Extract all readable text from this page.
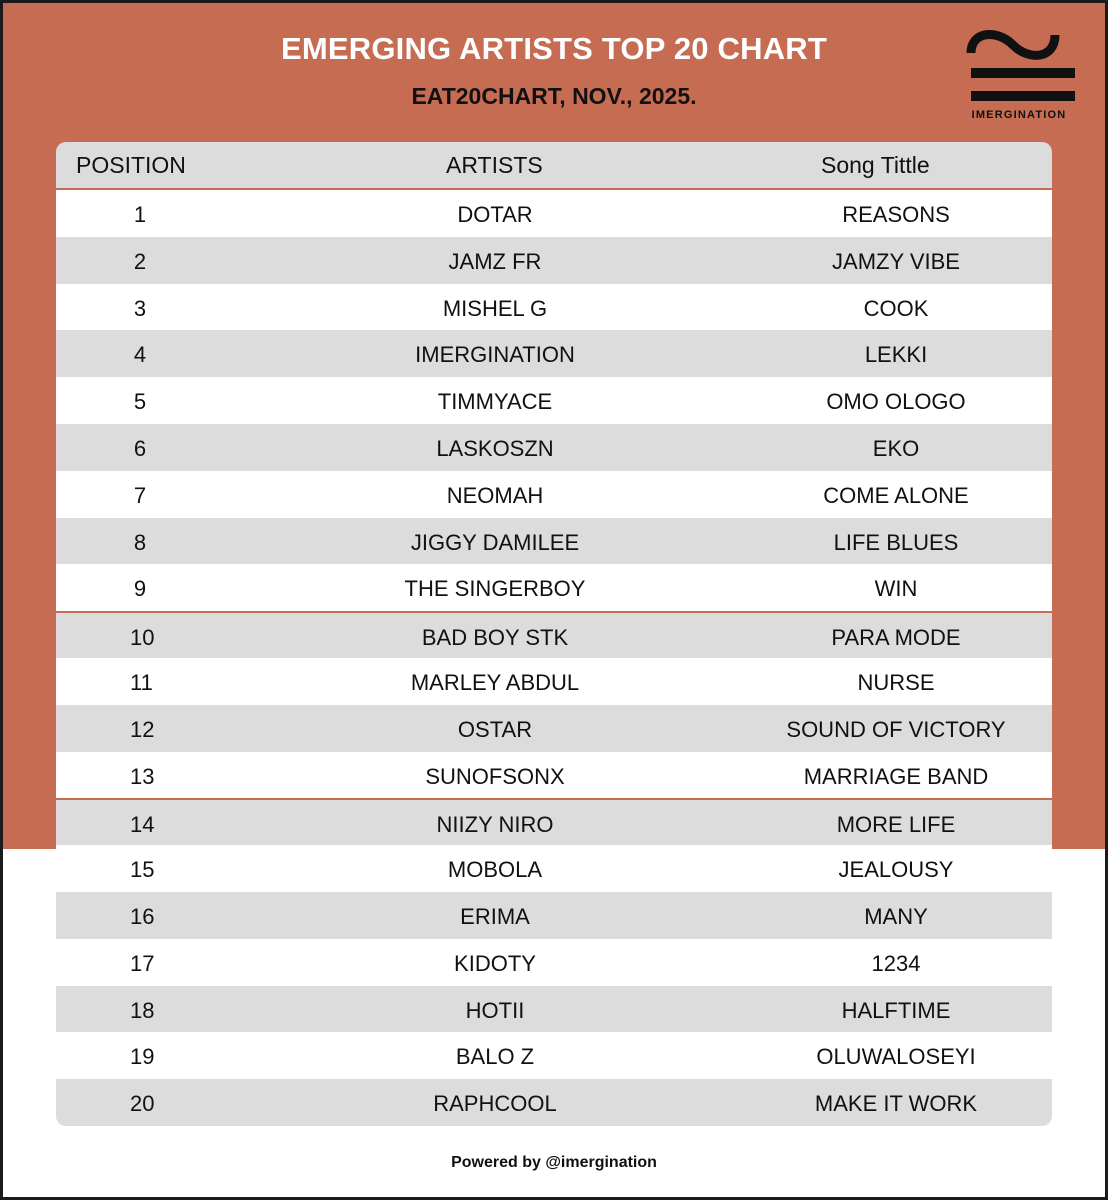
EMERGING ARTISTS TOP 20 CHART
EAT20CHART, NOV., 2025.
IMERGINATION
POSITION	ARTISTS	Song Tittle
1	DOTAR	REASONS
2	JAMZ FR	JAMZY VIBE
3	MISHEL G	COOK
4	IMERGINATION	LEKKI
5	TIMMYACE	OMO OLOGO
6	LASKOSZN	EKO
7	NEOMAH	COME ALONE
8	JIGGY DAMILEE	LIFE BLUES
9	THE SINGERBOY	WIN
10	BAD BOY STK	PARA MODE
11	MARLEY ABDUL	NURSE
12	OSTAR	SOUND OF VICTORY
13	SUNOFSONX	MARRIAGE BAND
14	NIIZY NIRO	MORE LIFE
15	MOBOLA	JEALOUSY
16	ERIMA	MANY
17	KIDOTY	1234
18	HOTII	HALFTIME
19	BALO Z	OLUWALOSEYI
20	RAPHCOOL	MAKE IT WORK
Powered by @imergination
